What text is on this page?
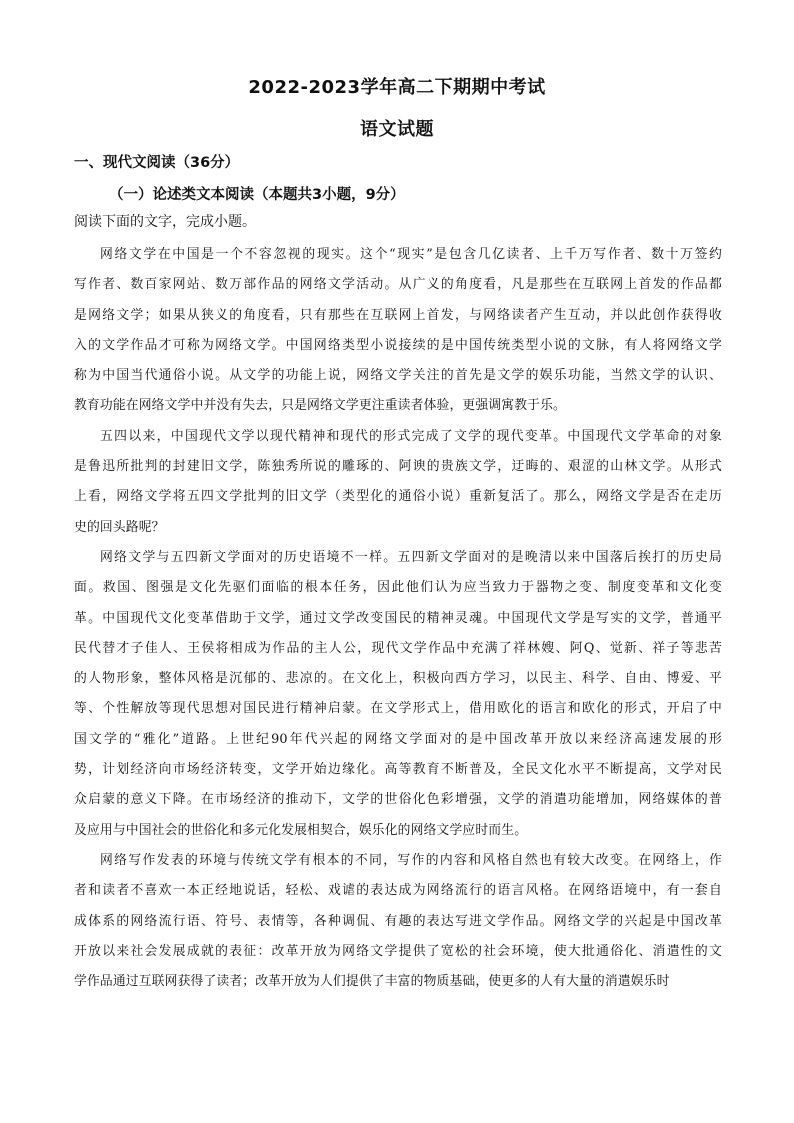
2022-2023学年高二下期期中考试
语文试题
一、现代文阅读（36分）
（一）论述类文本阅读（本题共3小题，9分）
阅读下面的文字，完成小题。
网络文学在中国是一个不容忽视的现实。这个“现实”是包含几亿读者、上千万写作者、数十万签约
写作者、数百家网站、数万部作品的网络文学活动。从广义的角度看，凡是那些在互联网上首发的作品都
是网络文学；如果从狭义的角度看，只有那些在互联网上首发，与网络读者产生互动，并以此创作获得收
入的文学作品才可称为网络文学。中国网络类型小说接续的是中国传统类型小说的文脉，有人将网络文学
称为中国当代通俗小说。从文学的功能上说，网络文学关注的首先是文学的娱乐功能，当然文学的认识、
教育功能在网络文学中并没有失去，只是网络文学更注重读者体验，更强调寓教于乐。
五四以来，中国现代文学以现代精神和现代的形式完成了文学的现代变革。中国现代文学革命的对象
是鲁迅所批判的封建旧文学，陈独秀所说的雕琢的、阿谀的贵族文学，迂晦的、艰涩的山林文学。从形式
上看，网络文学将五四文学批判的旧文学（类型化的通俗小说）重新复活了。那么，网络文学是否在走历
史的回头路呢？
网络文学与五四新文学面对的历史语境不一样。五四新文学面对的是晚清以来中国落后挨打的历史局
面。救国、图强是文化先驱们面临的根本任务，因此他们认为应当致力于器物之变、制度变革和文化变
革。中国现代文化变革借助于文学，通过文学改变国民的精神灵魂。中国现代文学是写实的文学，普通平
民代替才子佳人、王侯将相成为作品的主人公，现代文学作品中充满了祥林嫂、阿Q、觉新、祥子等悲苦
的人物形象，整体风格是沉郁的、悲凉的。在文化上，积极向西方学习，以民主、科学、自由、博爱、平
等、个性解放等现代思想对国民进行精神启蒙。在文学形式上，借用欧化的语言和欧化的形式，开启了中
国文学的“雅化”道路。上世纪90年代兴起的网络文学面对的是中国改革开放以来经济高速发展的形
势，计划经济向市场经济转变，文学开始边缘化。高等教育不断普及，全民文化水平不断提高，文学对民
众启蒙的意义下降。在市场经济的推动下，文学的世俗化色彩增强，文学的消遣功能增加，网络媒体的普
及应用与中国社会的世俗化和多元化发展相契合，娱乐化的网络文学应时而生。
网络写作发表的环境与传统文学有根本的不同，写作的内容和风格自然也有较大改变。在网络上，作
者和读者不喜欢一本正经地说话，轻松、戏谑的表达成为网络流行的语言风格。在网络语境中，有一套自
成体系的网络流行语、符号、表情等，各种调侃、有趣的表达写进文学作品。网络文学的兴起是中国改革
开放以来社会发展成就的表征：改革开放为网络文学提供了宽松的社会环境，使大批通俗化、消遣性的文
学作品通过互联网获得了读者；改革开放为人们提供了丰富的物质基础，使更多的人有大量的消遣娱乐时
